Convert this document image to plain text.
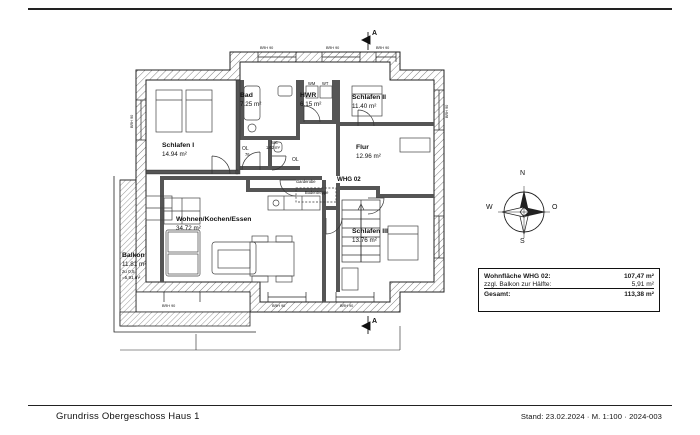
Grundriss Obergeschoss Haus 1	Stand: 23.02.2024 · M. 1:100 · 2024-003
Bad
7.25 m²
HWR
6.15 m²
Schlafen II
11.40 m²
Schlafen I
14.94 m²
Flur
12.96 m²
Wohnen/Kochen/Essen
34.72 m²	Schlafen III
13.76 m²
Balkon
11.81 m²
zu 0,5
=5,91 m²
WC
1.62 m²
OL
76
OL
WM WT
Garderobe
Bodentreppe
WHG 02
BRH 90	BRH 90	BRH 90
BRH 90	BRH 90	BRH 90
BRH 90
BRH 90
A
A
N
O
S
W
Wohnfläche WHG 02:	107,47 m²
zzgl. Balkon zur Hälfte:	5,91 m²
Gesamt:	113,38 m²
